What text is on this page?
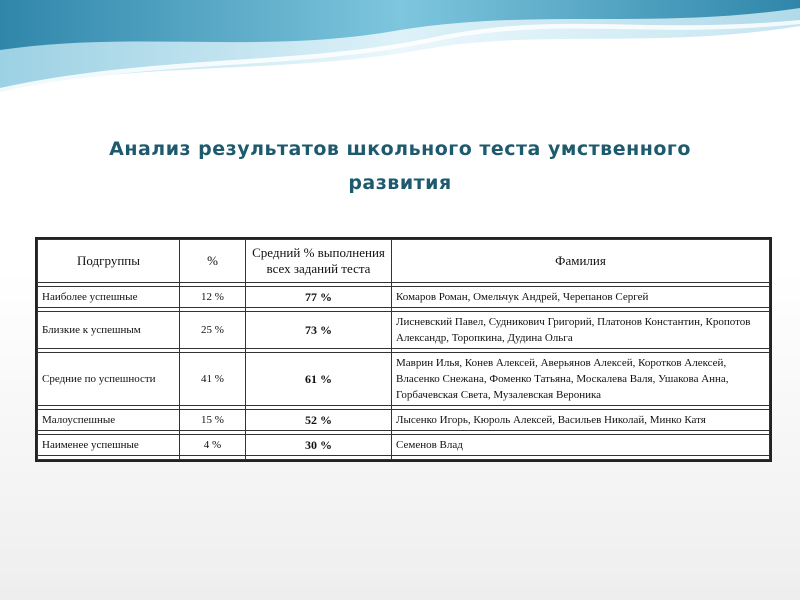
Анализ результатов школьного теста умственного
развития
Подгруппы	%	Средний % выполнения всех заданий теста	Фамилия

Наиболее успешные	12 %	77 %	Комаров Роман, Омельчук Андрей, Черепанов Сергей

Близкие к успешным	25 %	73 %	Лисневский Павел, Судникович Григорий, Платонов Константин, Кропотов Александр, Торопкина, Дудина Ольга

Средние по успешности	41 %	61 %	Маврин Илья, Конев Алексей, Аверьянов Алексей, Коротков Алексей, Власенко Снежана, Фоменко Татьяна, Москалева Валя, Ушакова Анна, Горбачевская Света, Музалевская Вероника

Малоуспешные	15 %	52 %	Лысенко Игорь, Кюроль Алексей, Васильев Николай, Минко Катя

Наименее успешные	4 %	30 %	Семенов Влад
